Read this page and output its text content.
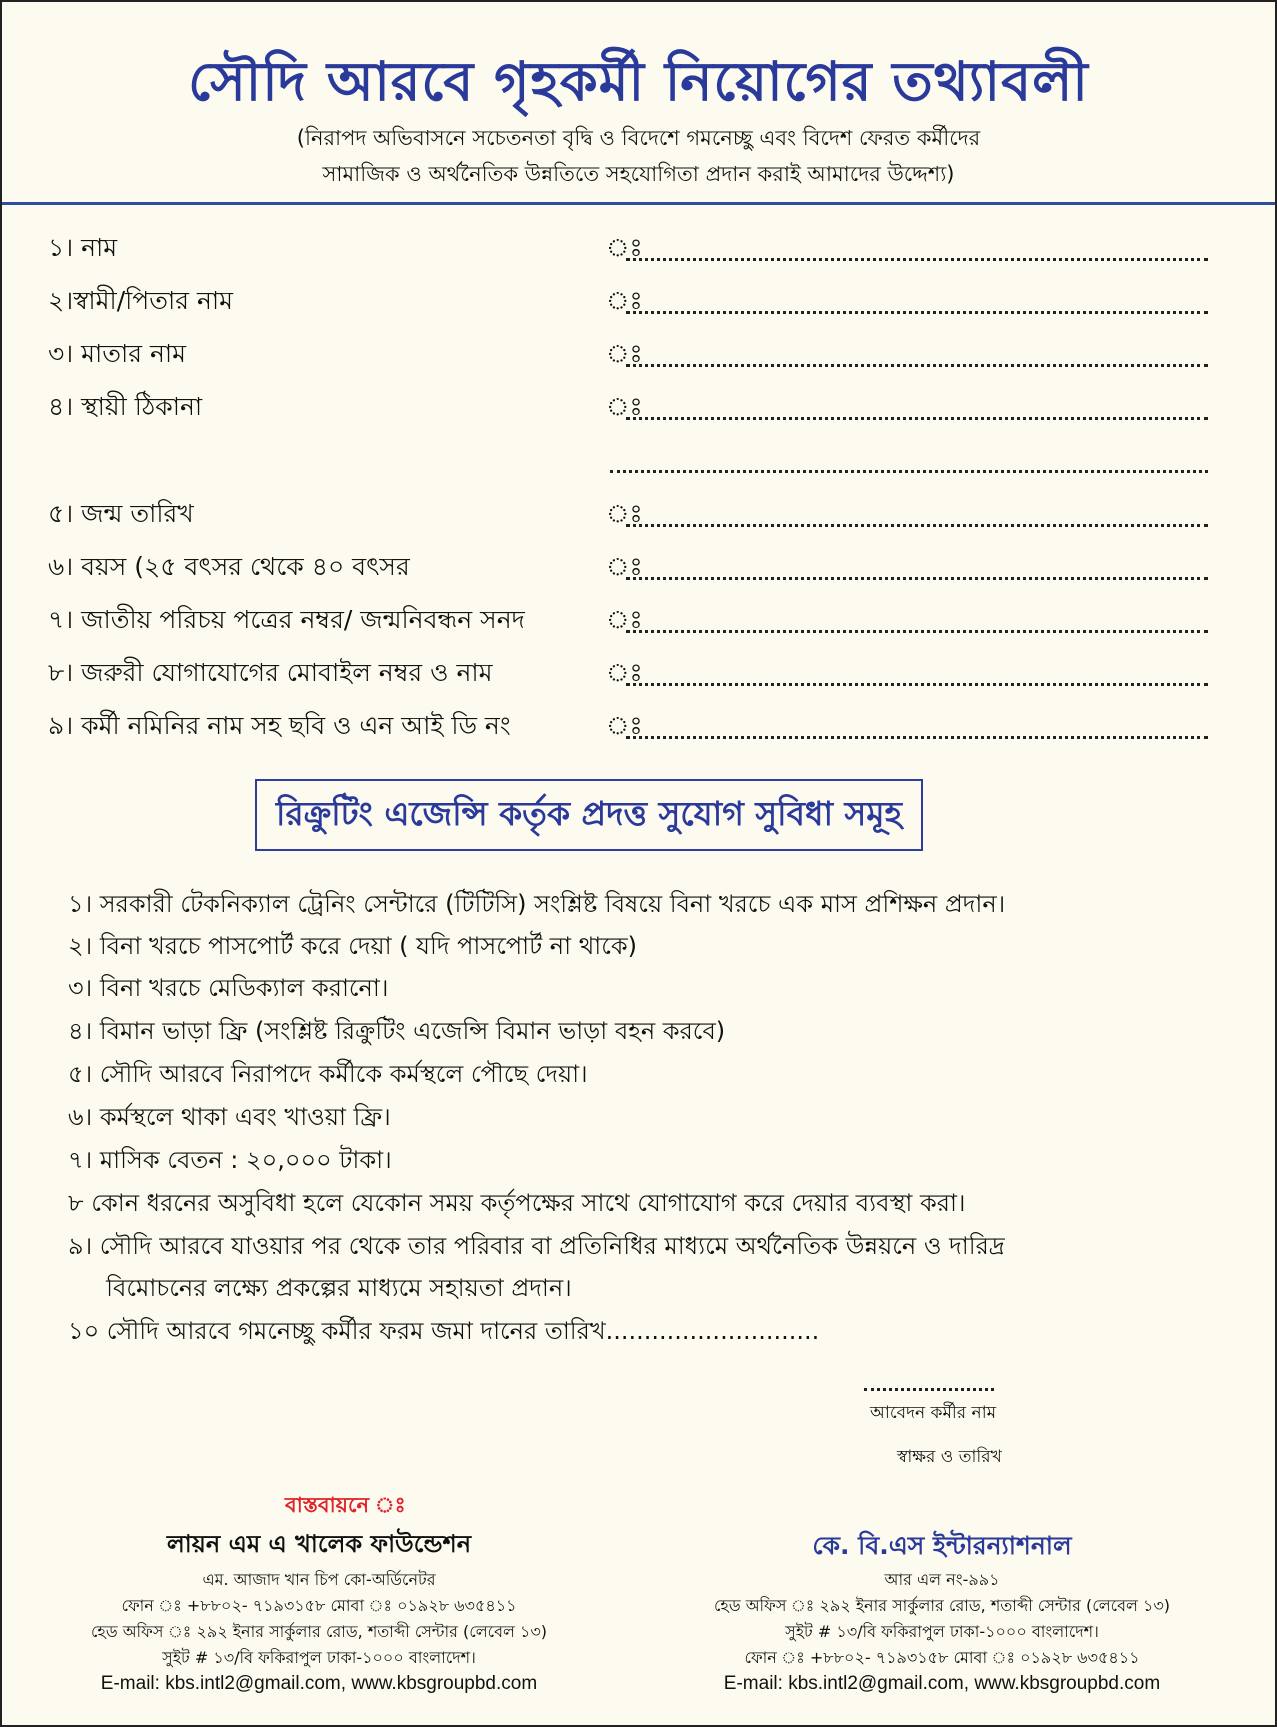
সৌদি আরবে গৃহকর্মী নিয়োগের তথ্যাবলী
(নিরাপদ অভিবাসনে সচেতনতা বৃদ্বি ও বিদেশে গমনেচ্ছু এবং বিদেশ ফেরত কর্মীদের
সামাজিক ও অর্থনৈতিক উন্নতিতে সহযোগিতা প্রদান করাই আমাদের উদ্দেশ্য)
১। নাম	ঃ
২।স্বামী/পিতার নাম	ঃ
৩। মাতার নাম	ঃ
৪। স্থায়ী ঠিকানা	ঃ
৫। জন্ম তারিখ	ঃ
৬। বয়স (২৫ বৎসর থেকে ৪০ বৎসর	ঃ
৭। জাতীয় পরিচয় পত্রের নম্বর/ জন্মনিবন্ধন সনদ	ঃ
৮। জরুরী যোগাযোগের মোবাইল নম্বর ও নাম	ঃ
৯। কর্মী নমিনির নাম সহ ছবি ও এন আই ডি নং	ঃ
রিক্রুটিং এজেন্সি কর্তৃক প্রদত্ত সুযোগ সুবিধা সমূহ
১। সরকারী টেকনিক্যাল ট্রেনিং সেন্টারে (টিটিসি) সংশ্লিষ্ট বিষয়ে বিনা খরচে এক মাস প্রশিক্ষন প্রদান।
২। বিনা খরচে পাসপোর্ট করে দেয়া ( যদি পাসপোর্ট না থাকে)
৩। বিনা খরচে মেডিক্যাল করানো।
৪। বিমান ভাড়া ফ্রি (সংশ্লিষ্ট রিক্রুটিং এজেন্সি বিমান ভাড়া বহন করবে)
৫। সৌদি আরবে নিরাপদে কর্মীকে কর্মস্থলে পৌছে দেয়া।
৬। কর্মস্থলে থাকা এবং খাওয়া ফ্রি।
৭। মাসিক বেতন : ২০,০০০ টাকা।
৮ কোন ধরনের অসুবিধা হলে যেকোন সময় কর্তৃপক্ষের সাথে যোগাযোগ করে দেয়ার ব্যবস্থা করা।
৯। সৌদি আরবে যাওয়ার পর থেকে তার পরিবার বা প্রতিনিধির মাধ্যমে অর্থনৈতিক উন্নয়নে ও দারিদ্র
বিমোচনের লক্ষ্যে প্রকল্পের মাধ্যমে সহায়তা প্রদান।
১০ সৌদি আরবে গমনেচ্ছু কর্মীর ফরম জমা দানের তারিখ............................
আবেদন কর্মীর নাম
স্বাক্ষর ও তারিখ
বাস্তবায়নে ঃ
লায়ন এম এ খালেক ফাউন্ডেশন
এম. আজাদ খান চিপ কো-অর্ডিনেটর
ফোন ঃ +৮৮০২- ৭১৯৩১৫৮ মোবা ঃ ০১৯২৮ ৬৩৫৪১১
হেড অফিস ঃ ২৯২ ইনার সার্কুলার রোড, শতাব্দী সেন্টার (লেবেল ১৩)
সুইট # ১৩/বি ফকিরাপুল ঢাকা-১০০০ বাংলাদেশ।
E-mail: kbs.intl2@gmail.com, www.kbsgroupbd.com
কে. বি.এস ইন্টারন্যাশনাল
আর এল নং-৯৯১
হেড অফিস ঃ ২৯২ ইনার সার্কুলার রোড, শতাব্দী সেন্টার (লেবেল ১৩)
সুইট # ১৩/বি ফকিরাপুল ঢাকা-১০০০ বাংলাদেশ।
ফোন ঃ +৮৮০২- ৭১৯৩১৫৮ মোবা ঃ ০১৯২৮ ৬৩৫৪১১
E-mail: kbs.intl2@gmail.com, www.kbsgroupbd.com
